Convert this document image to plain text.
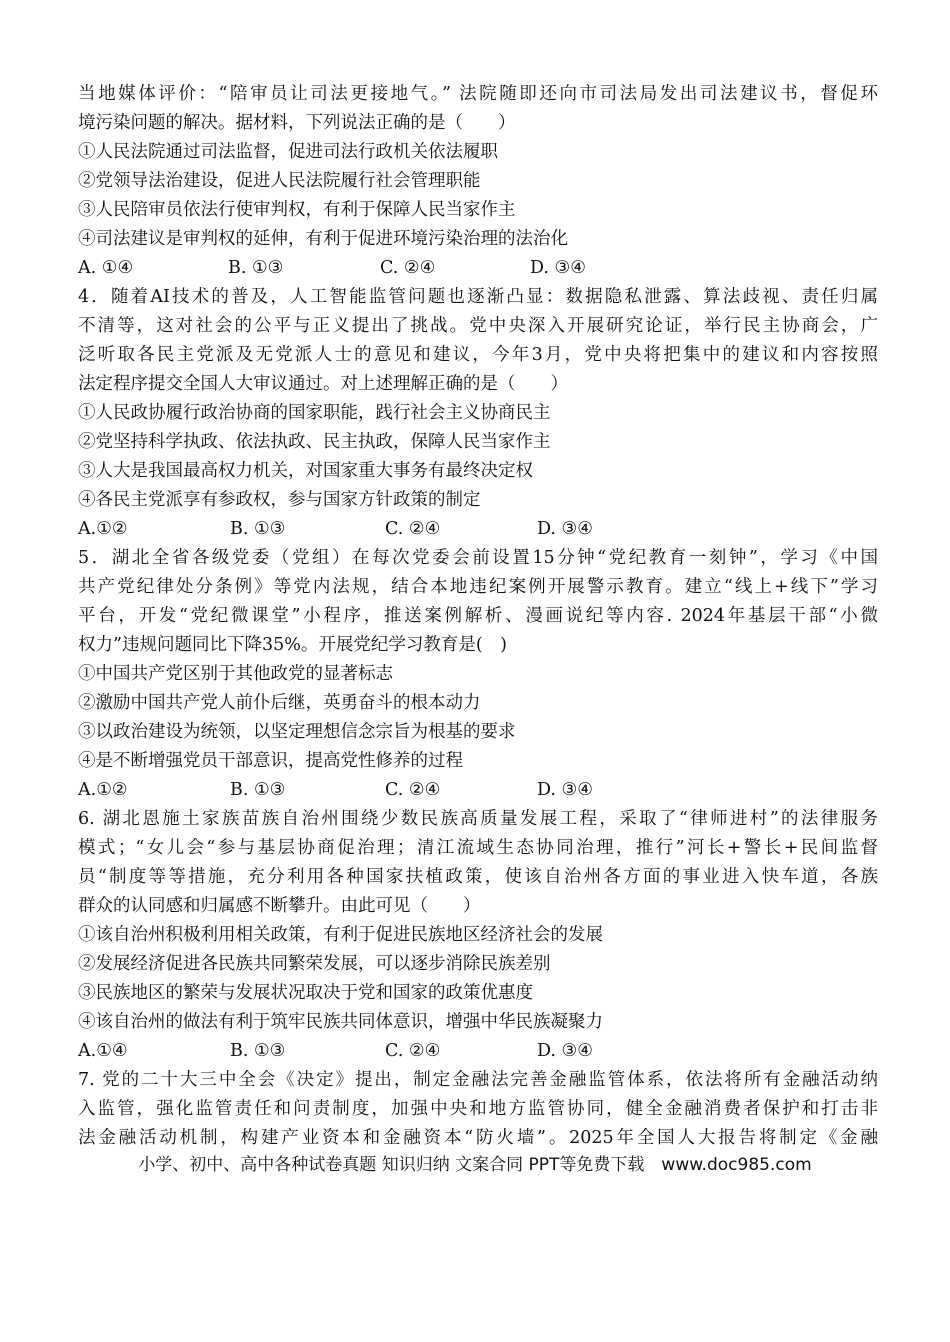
当地媒体评价：“陪审员让司法更接地气。” 法院随即还向市司法局发出司法建议书，督促环
境污染问题的解决。据材料，下列说法正确的是（　　）
①人民法院通过司法监督，促进司法行政机关依法履职
②党领导法治建设，促进人民法院履行社会管理职能
③人民陪审员依法行使审判权，有利于保障人民当家作主
④司法建议是审判权的延伸，有利于促进环境污染治理的法治化
A. ①④	B. ①③	C. ②④	D. ③④
4．随着AI技术的普及，人工智能监管问题也逐渐凸显：数据隐私泄露、算法歧视、责任归属
不清等，这对社会的公平与正义提出了挑战。党中央深入开展研究论证，举行民主协商会，广
泛听取各民主党派及无党派人士的意见和建议，今年3月，党中央将把集中的建议和内容按照
法定程序提交全国人大审议通过。对上述理解正确的是（　　）
①人民政协履行政治协商的国家职能，践行社会主义协商民主
②党坚持科学执政、依法执政、民主执政，保障人民当家作主
③人大是我国最高权力机关，对国家重大事务有最终决定权
④各民主党派享有参政权，参与国家方针政策的制定
A.①②	B. ①③	C. ②④	D. ③④
5．湖北全省各级党委（党组）在每次党委会前设置15分钟“党纪教育一刻钟”，学习《中国
共产党纪律处分条例》等党内法规，结合本地违纪案例开展警示教育。建立“线上+线下”学习
平台，开发“党纪微课堂”小程序，推送案例解析、漫画说纪等内容. 2024年基层干部“小微
权力”违规问题同比下降35%。开展党纪学习教育是(　)
①中国共产党区别于其他政党的显著标志
②激励中国共产党人前仆后继，英勇奋斗的根本动力
③以政治建设为统领，以坚定理想信念宗旨为根基的要求
④是不断增强党员干部意识，提高党性修养的过程
A.①②	B. ①③	C. ②④	D. ③④
6. 湖北恩施土家族苗族自治州围绕少数民族高质量发展工程，采取了“律师进村”的法律服务
模式；“女儿会“参与基层协商促治理；清江流域生态协同治理，推行”河长+警长+民间监督
员“制度等等措施，充分利用各种国家扶植政策，使该自治州各方面的事业进入快车道，各族
群众的认同感和归属感不断攀升。由此可见（　　）
①该自治州积极利用相关政策，有利于促进民族地区经济社会的发展
②发展经济促进各民族共同繁荣发展，可以逐步消除民族差别
③民族地区的繁荣与发展状况取决于党和国家的政策优惠度
④该自治州的做法有利于筑牢民族共同体意识，增强中华民族凝聚力
A.①④	B. ①③	C. ②④	D. ③④
7. 党的二十大三中全会《决定》提出，制定金融法完善金融监管体系，依法将所有金融活动纳
入监管，强化监管责任和问责制度，加强中央和地方监管协同，健全金融消费者保护和打击非
法金融活动机制，构建产业资本和金融资本“防火墙”。2025年全国人大报告将制定《金融
小学、初中、高中各种试卷真题 知识归纳 文案合同 PPT等免费下载　www.doc985.com
